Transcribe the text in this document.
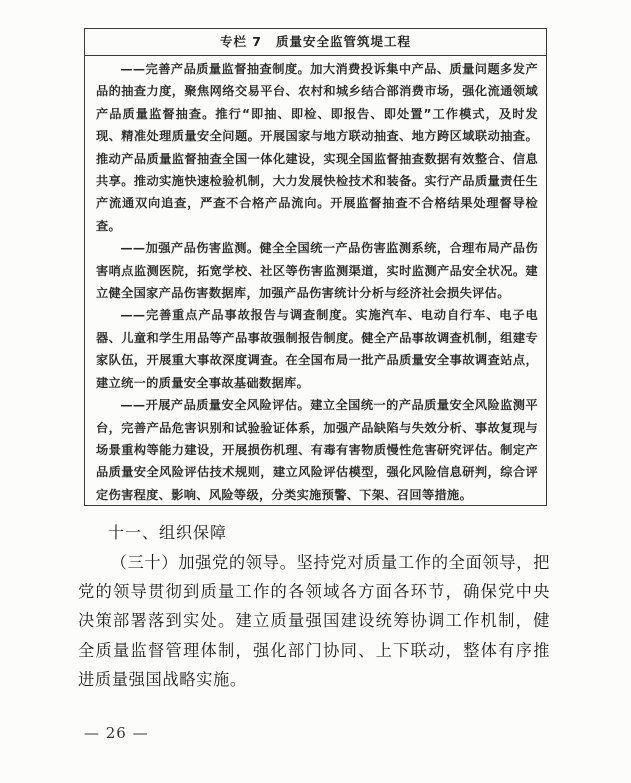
专栏 7 质量安全监管筑堤工程

——完善产品质量监督抽查制度。加大消费投诉集中产品、质量问题多发产品的抽查力度，聚焦网络交易平台、农村和城乡结合部消费市场，强化流通领域产品质量监督抽查。推行“即抽、即检、即报告、即处置”工作模式，及时发现、精准处理质量安全问题。开展国家与地方联动抽查、地方跨区域联动抽查。推动产品质量监督抽查全国一体化建设，实现全国监督抽查数据有效整合、信息共享。推动实施快速检验机制，大力发展快检技术和装备。实行产品质量责任生产流通双向追查，严查不合格产品流向。开展监督抽查不合格结果处理督导检查。

——加强产品伤害监测。健全全国统一产品伤害监测系统，合理布局产品伤害哨点监测医院，拓宽学校、社区等伤害监测渠道，实时监测产品安全状况。建立健全国家产品伤害数据库，加强产品伤害统计分析与经济社会损失评估。

——完善重点产品事故报告与调查制度。实施汽车、电动自行车、电子电器、儿童和学生用品等产品事故强制报告制度。健全产品事故调查机制，组建专家队伍，开展重大事故深度调查。在全国布局一批产品质量安全事故调查站点，建立统一的质量安全事故基础数据库。

——开展产品质量安全风险评估。建立全国统一的产品质量安全风险监测平台，完善产品危害识别和试验验证体系，加强产品缺陷与失效分析、事故复现与场景重构等能力建设，开展损伤机理、有毒有害物质慢性危害研究评估。制定产品质量安全风险评估技术规则，建立风险评估模型，强化风险信息研判，综合评定伤害程度、影响、风险等级，分类实施预警、下架、召回等措施。

十一、组织保障

（三十）加强党的领导。坚持党对质量工作的全面领导，把党的领导贯彻到质量工作的各领域各方面各环节，确保党中央决策部署落到实处。建立质量强国建设统筹协调工作机制，健全质量监督管理体制，强化部门协同、上下联动，整体有序推进质量强国战略实施。

— 26 —
